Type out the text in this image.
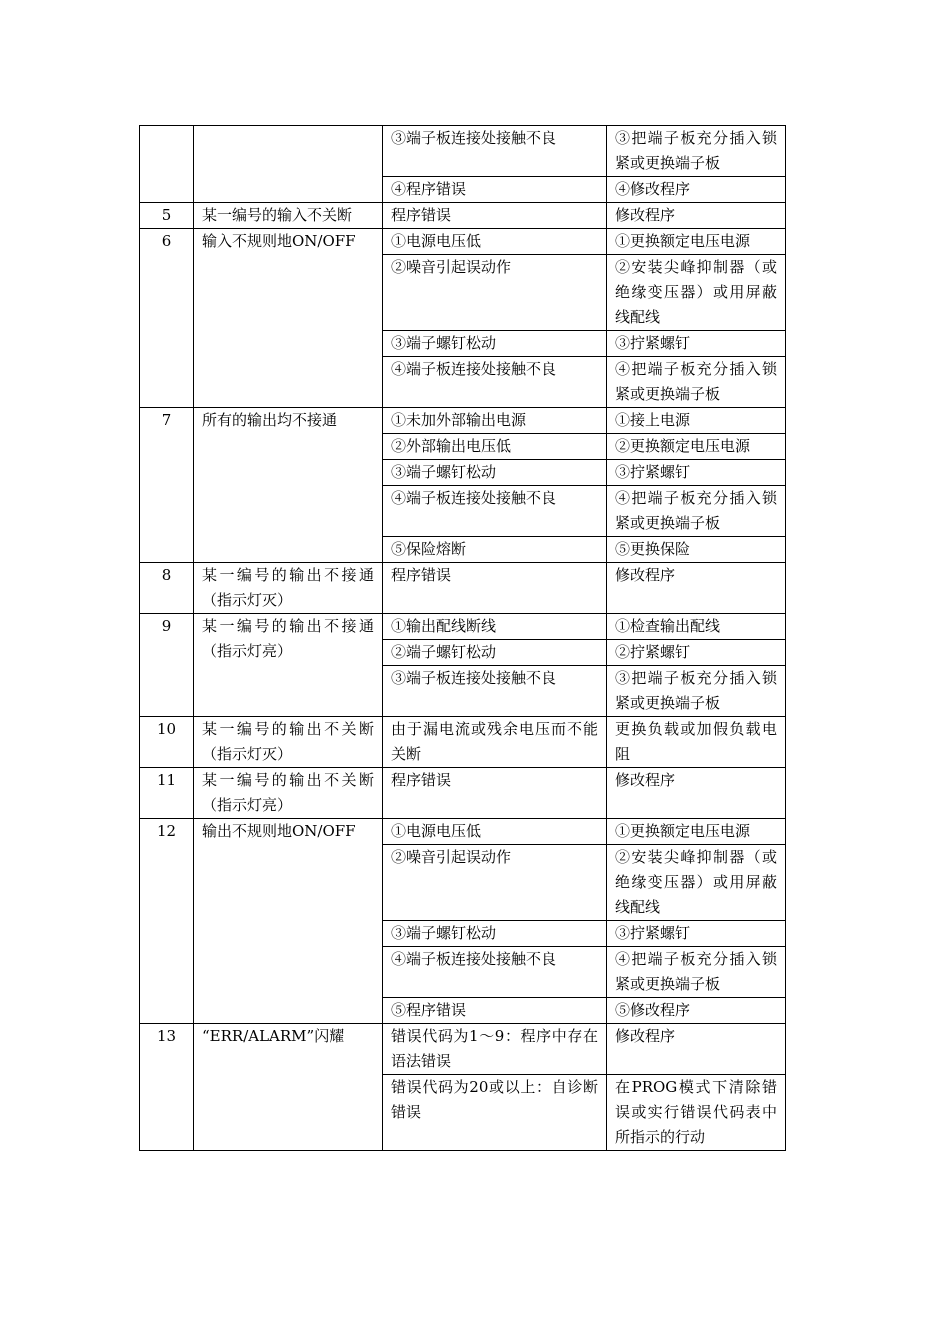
		③端子板连接处接触不良	③把端子板充分插入锁紧或更换端子板
		④程序错误	④修改程序
5	某一编号的输入不关断	程序错误	修改程序
6	输入不规则地ON/OFF	①电源电压低	①更换额定电压电源
		②噪音引起误动作	②安装尖峰抑制器（或绝缘变压器）或用屏蔽线配线
		③端子螺钉松动	③拧紧螺钉
		④端子板连接处接触不良	④把端子板充分插入锁紧或更换端子板
7	所有的输出均不接通	①未加外部输出电源	①接上电源
		②外部输出电压低	②更换额定电压电源
		③端子螺钉松动	③拧紧螺钉
		④端子板连接处接触不良	④把端子板充分插入锁紧或更换端子板
		⑤保险熔断	⑤更换保险
8	某一编号的输出不接通（指示灯灭）	程序错误	修改程序
9	某一编号的输出不接通（指示灯亮）	①输出配线断线	①检查输出配线
		②端子螺钉松动	②拧紧螺钉
		③端子板连接处接触不良	③把端子板充分插入锁紧或更换端子板
10	某一编号的输出不关断（指示灯灭）	由于漏电流或残余电压而不能关断	更换负载或加假负载电阻
11	某一编号的输出不关断（指示灯亮）	程序错误	修改程序
12	输出不规则地ON/OFF	①电源电压低	①更换额定电压电源
		②噪音引起误动作	②安装尖峰抑制器（或绝缘变压器）或用屏蔽线配线
		③端子螺钉松动	③拧紧螺钉
		④端子板连接处接触不良	④把端子板充分插入锁紧或更换端子板
		⑤程序错误	⑤修改程序
13	“ERR/ALARM”闪耀	错误代码为1～9：程序中存在语法错误	修改程序
		错误代码为20或以上：自诊断错误	在PROG模式下清除错误或实行错误代码表中所指示的行动
